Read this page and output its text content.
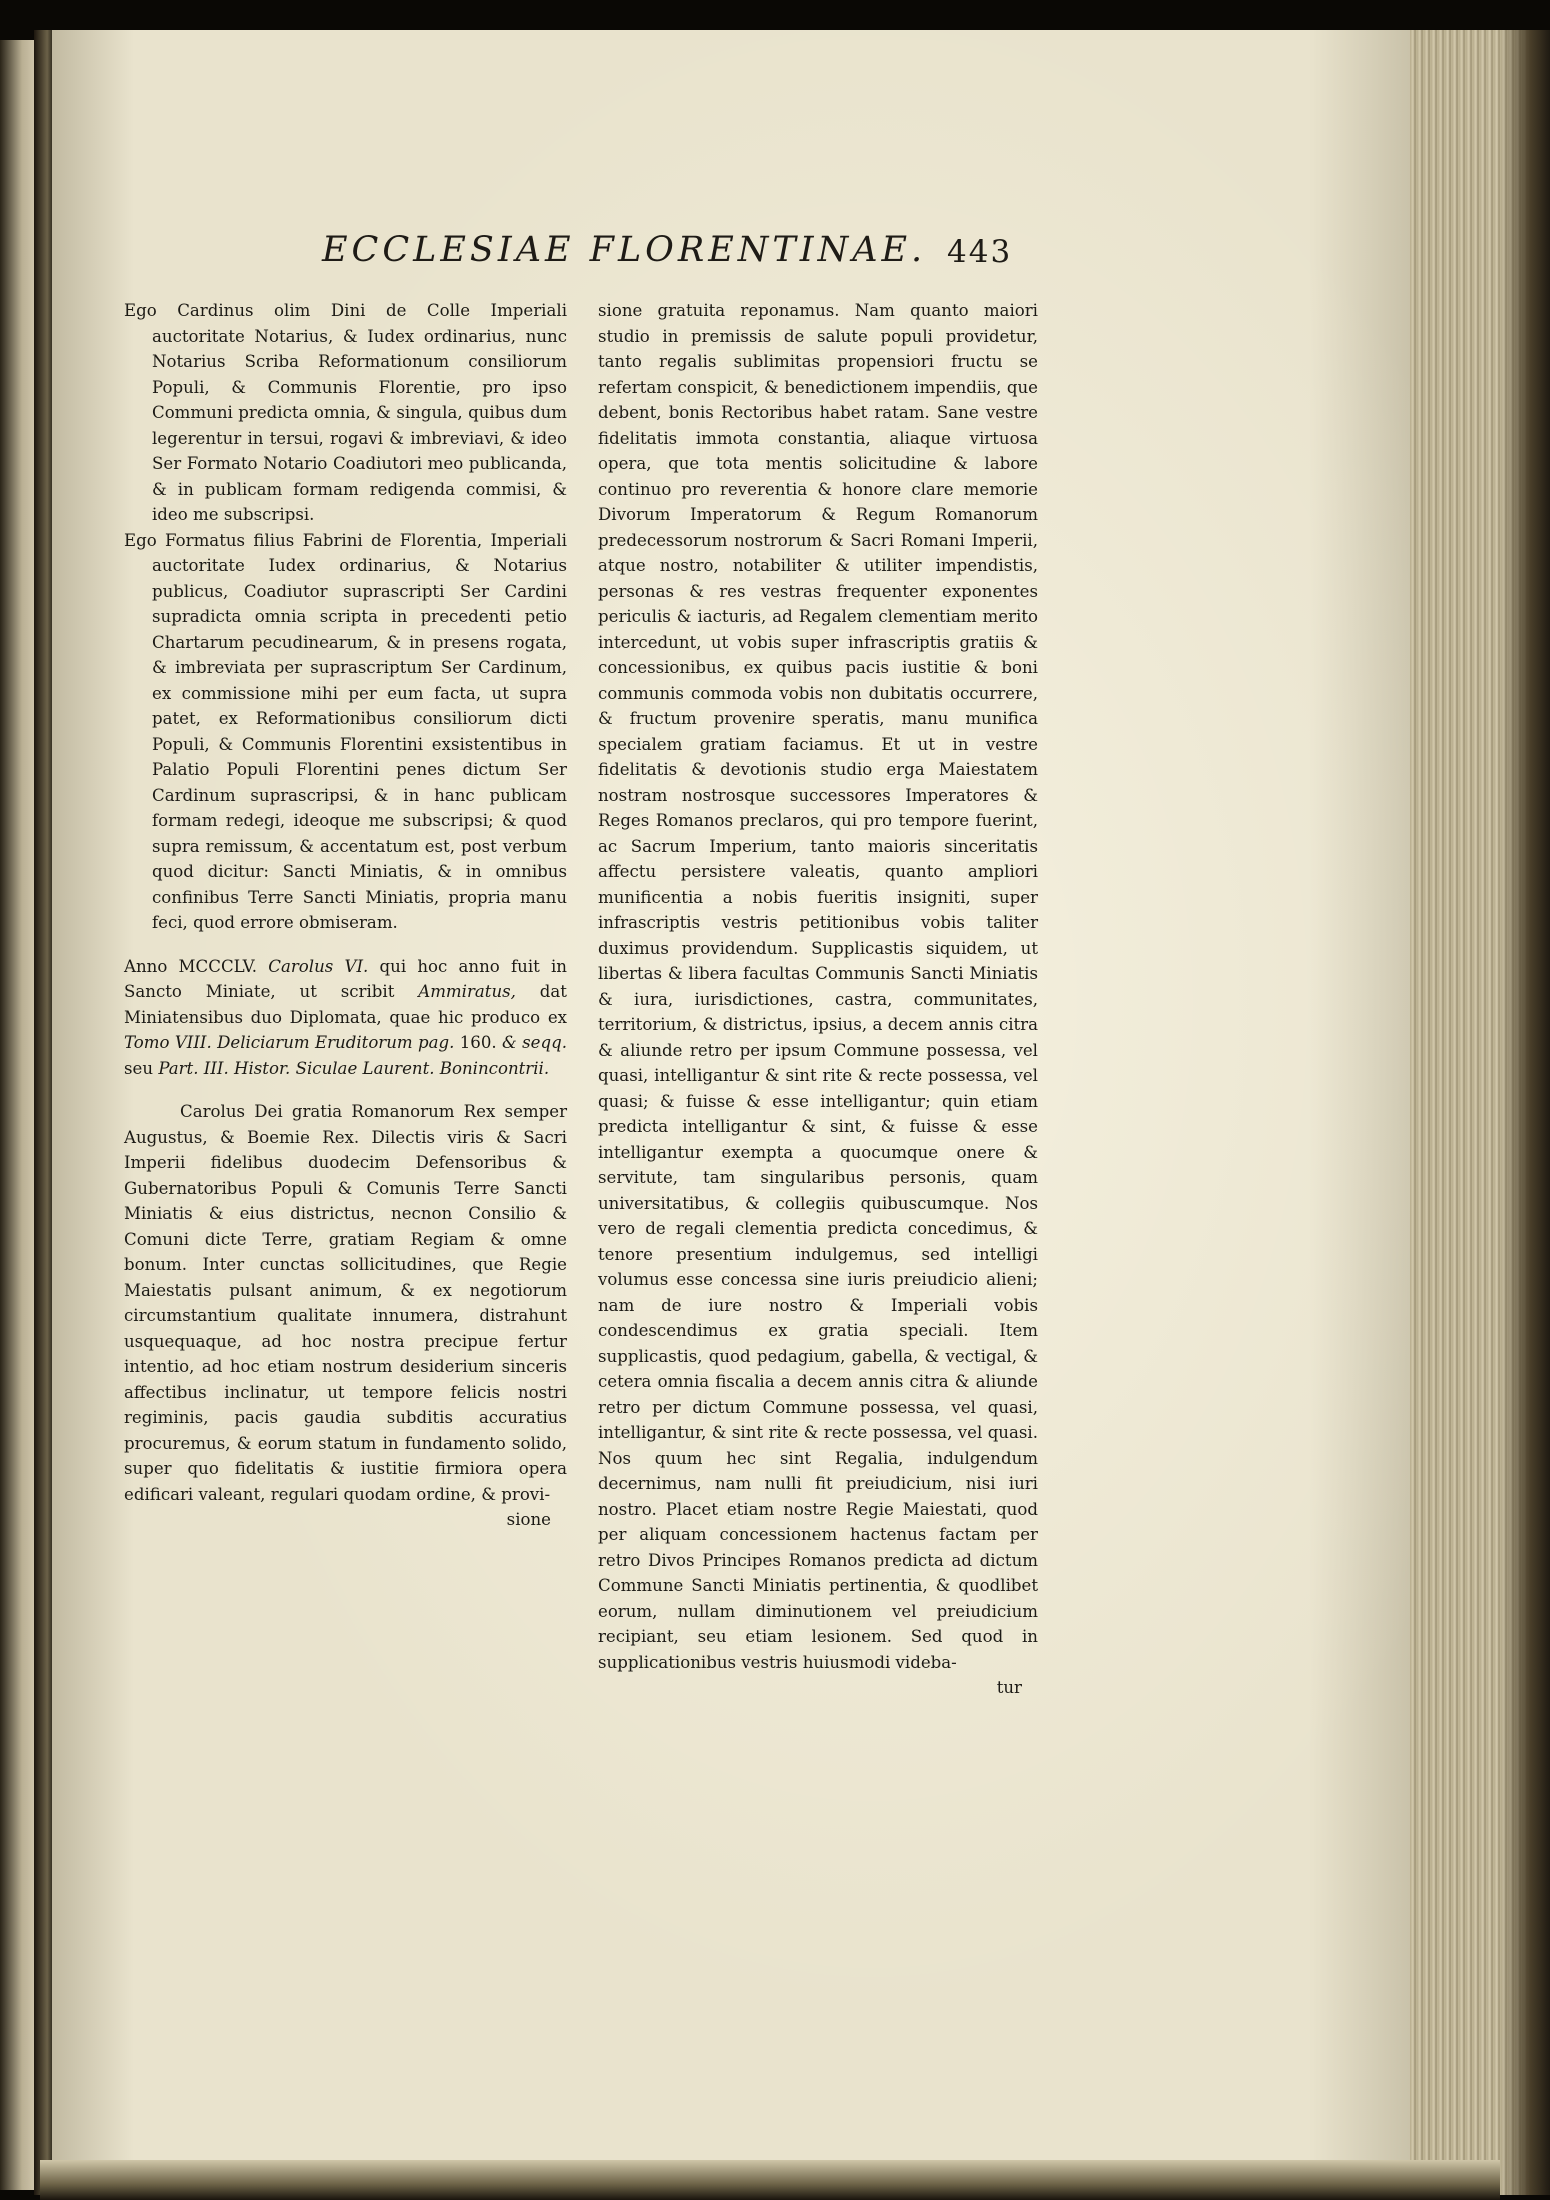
ECCLESIAE FLORENTINAE. 443

Ego Cardinus olim Dini de Colle Imperiali auctoritate Notarius, & Iudex ordinarius, nunc Notarius Scriba Reformationum consiliorum Populi, & Communis Florentie, pro ipso Communi predicta omnia, & singula, quibus dum legerentur in tersui, rogavi & imbreviavi, & ideo Ser Formato Notario Coadiutori meo publicanda, & in publicam formam redigenda commisi, & ideo me subscripsi.

Ego Formatus filius Fabrini de Florentia, Imperiali auctoritate Iudex ordinarius, & Notarius publicus, Coadiutor suprascripti Ser Cardini supradicta omnia scripta in precedenti petio Chartarum pecudinearum, & in presens rogata, & imbreviata per suprascriptum Ser Cardinum, ex commissione mihi per eum facta, ut supra patet, ex Reformationibus consiliorum dicti Populi, & Communis Florentini exsistentibus in Palatio Populi Florentini penes dictum Ser Cardinum suprascripsi, & in hanc publicam formam redegi, ideoque me subscripsi; & quod supra remissum, & accentatum est, post verbum quod dicitur: Sancti Miniatis, & in omnibus confinibus Terre Sancti Miniatis, propria manu feci, quod errore obmiseram.

Anno MCCCLV. Carolus VI. qui hoc anno fuit in Sancto Miniate, ut scribit Ammiratus, dat Miniatensibus duo Diplomata, quae hic produco ex Tomo VIII. Deliciarum Eruditorum pag. 160. & seqq. seu Part. III. Histor. Siculae Laurent. Bonincontrii.

Carolus Dei gratia Romanorum Rex semper Augustus, & Boemie Rex. Dilectis viris & Sacri Imperii fidelibus duodecim Defensoribus & Gubernatoribus Populi & Comunis Terre Sancti Miniatis & eius districtus, necnon Consilio & Comuni dicte Terre, gratiam Regiam & omne bonum. Inter cunctas sollicitudines, que Regie Maiestatis pulsant animum, & ex negotiorum circumstantium qualitate innumera, distrahunt usquequaque, ad hoc nostra precipue fertur intentio, ad hoc etiam nostrum desiderium sinceris affectibus inclinatur, ut tempore felicis nostri regiminis, pacis gaudia subditis accuratius procuremus, & eorum statum in fundamento solido, super quo fidelitatis & iustitie firmiora opera edificari valeant, regulari quodam ordine, & provi-

sione

sione gratuita reponamus. Nam quanto maiori studio in premissis de salute populi providetur, tanto regalis sublimitas propensiori fructu se refertam conspicit, & benedictionem impendiis, que debent, bonis Rectoribus habet ratam. Sane vestre fidelitatis immota constantia, aliaque virtuosa opera, que tota mentis solicitudine & labore continuo pro reverentia & honore clare memorie Divorum Imperatorum & Regum Romanorum predecessorum nostrorum & Sacri Romani Imperii, atque nostro, notabiliter & utiliter impendistis, personas & res vestras frequenter exponentes periculis & iacturis, ad Regalem clementiam merito intercedunt, ut vobis super infrascriptis gratiis & concessionibus, ex quibus pacis iustitie & boni communis commoda vobis non dubitatis occurrere, & fructum provenire speratis, manu munifica specialem gratiam faciamus. Et ut in vestre fidelitatis & devotionis studio erga Maiestatem nostram nostrosque successores Imperatores & Reges Romanos preclaros, qui pro tempore fuerint, ac Sacrum Imperium, tanto maioris sinceritatis affectu persistere valeatis, quanto ampliori munificentia a nobis fueritis insigniti, super infrascriptis vestris petitionibus vobis taliter duximus providendum. Supplicastis siquidem, ut libertas & libera facultas Communis Sancti Miniatis & iura, iurisdictiones, castra, communitates, territorium, & districtus, ipsius, a decem annis citra & aliunde retro per ipsum Commune possessa, vel quasi, intelligantur & sint rite & recte possessa, vel quasi; & fuisse & esse intelligantur; quin etiam predicta intelligantur & sint, & fuisse & esse intelligantur exempta a quocumque onere & servitute, tam singularibus personis, quam universitatibus, & collegiis quibuscumque. Nos vero de regali clementia predicta concedimus, & tenore presentium indulgemus, sed intelligi volumus esse concessa sine iuris preiudicio alieni; nam de iure nostro & Imperiali vobis condescendimus ex gratia speciali. Item supplicastis, quod pedagium, gabella, & vectigal, & cetera omnia fiscalia a decem annis citra & aliunde retro per dictum Commune possessa, vel quasi, intelligantur, & sint rite & recte possessa, vel quasi. Nos quum hec sint Regalia, indulgendum decernimus, nam nulli fit preiudicium, nisi iuri nostro. Placet etiam nostre Regie Maiestati, quod per aliquam concessionem hactenus factam per retro Divos Principes Romanos predicta ad dictum Commune Sancti Miniatis pertinentia, & quodlibet eorum, nullam diminutionem vel preiudicium recipiant, seu etiam lesionem. Sed quod in supplicationibus vestris huiusmodi videba-

tur
